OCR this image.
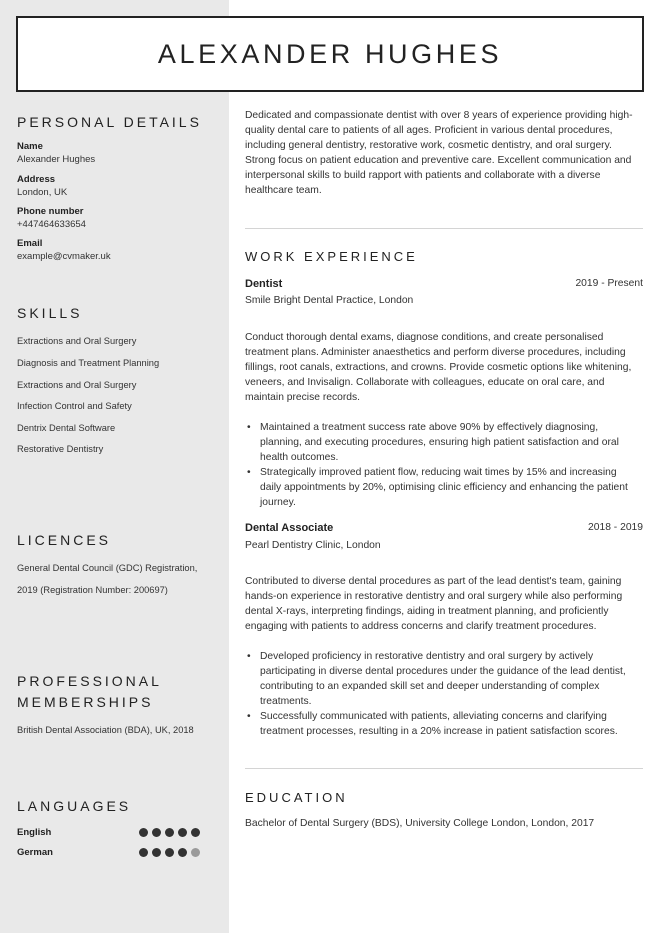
ALEXANDER HUGHES
PERSONAL DETAILS
Name
Alexander Hughes
Address
London, UK
Phone number
+447464633654
Email
example@cvmaker.uk
SKILLS
Extractions and Oral Surgery
Diagnosis and Treatment Planning
Extractions and Oral Surgery
Infection Control and Safety
Dentrix Dental Software
Restorative Dentistry
LICENCES
General Dental Council (GDC) Registration,
2019 (Registration Number: 200697)
PROFESSIONAL
MEMBERSHIPS
British Dental Association (BDA), UK, 2018
LANGUAGES
English
German

Dedicated and compassionate dentist with over 8 years of experience providing high-quality dental care to patients of all ages. Proficient in various dental procedures, including general dentistry, restorative work, cosmetic dentistry, and oral surgery. Strong focus on patient education and preventive care. Excellent communication and interpersonal skills to build rapport with patients and collaborate with a diverse healthcare team.

WORK EXPERIENCE
Dentist	2019 - Present
Smile Bright Dental Practice, London

Conduct thorough dental exams, diagnose conditions, and create personalised treatment plans. Administer anaesthetics and perform diverse procedures, including fillings, root canals, extractions, and crowns. Provide cosmetic options like whitening, veneers, and Invisalign. Collaborate with colleagues, educate on oral care, and maintain precise records.

• Maintained a treatment success rate above 90% by effectively diagnosing, planning, and executing procedures, ensuring high patient satisfaction and oral health outcomes.
• Strategically improved patient flow, reducing wait times by 15% and increasing daily appointments by 20%, optimising clinic efficiency and enhancing the patient journey.
Dental Associate	2018 - 2019
Pearl Dentistry Clinic, London

Contributed to diverse dental procedures as part of the lead dentist's team, gaining hands-on experience in restorative dentistry and oral surgery while also performing dental X-rays, interpreting findings, aiding in treatment planning, and proficiently engaging with patients to address concerns and clarify treatment procedures.

• Developed proficiency in restorative dentistry and oral surgery by actively participating in diverse dental procedures under the guidance of the lead dentist, contributing to an expanded skill set and deeper understanding of complex treatments.
• Successfully communicated with patients, alleviating concerns and clarifying treatment processes, resulting in a 20% increase in patient satisfaction scores.
EDUCATION

Bachelor of Dental Surgery (BDS), University College London, London, 2017
